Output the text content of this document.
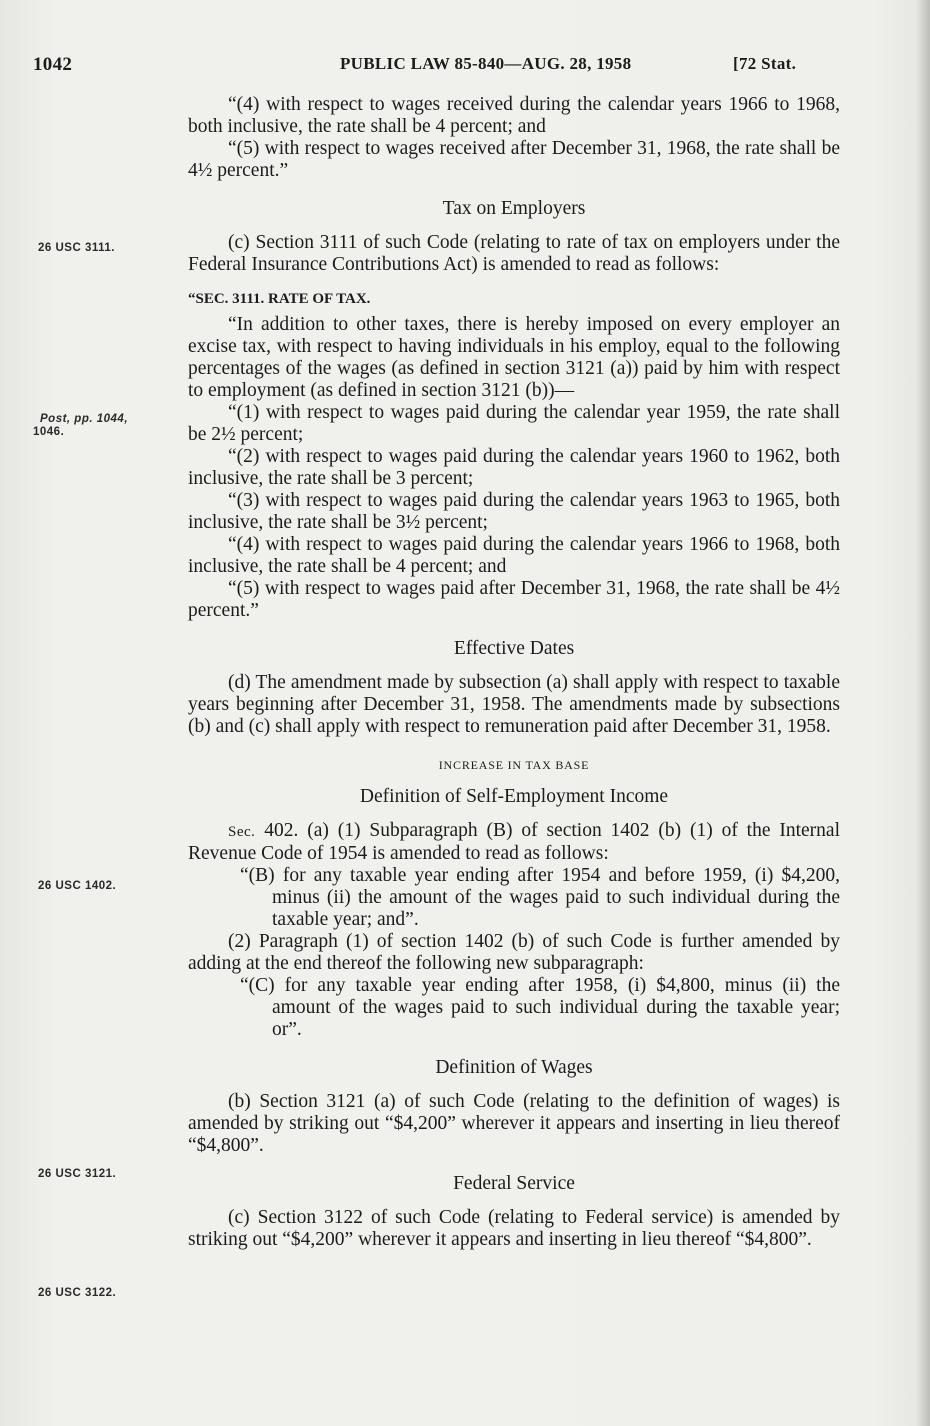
1042	PUBLIC LAW 85-840—AUG. 28, 1958	[72 Stat.
26 USC 3111.
Post, pp. 1044,
1046.
26 USC 1402.
26 USC 3121.
26 USC 3122.

“(4) with respect to wages received during the calendar years 1966 to 1968, both inclusive, the rate shall be 4 percent; and

“(5) with respect to wages received after December 31, 1968, the rate shall be 4½ percent.”

Tax on Employers

(c) Section 3111 of such Code (relating to rate of tax on employers under the Federal Insurance Contributions Act) is amended to read as follows:

“SEC. 3111. RATE OF TAX.

“In addition to other taxes, there is hereby imposed on every employer an excise tax, with respect to having individuals in his employ, equal to the following percentages of the wages (as defined in section 3121 (a)) paid by him with respect to employment (as defined in section 3121 (b))—

“(1) with respect to wages paid during the calendar year 1959, the rate shall be 2½ percent;

“(2) with respect to wages paid during the calendar years 1960 to 1962, both inclusive, the rate shall be 3 percent;

“(3) with respect to wages paid during the calendar years 1963 to 1965, both inclusive, the rate shall be 3½ percent;

“(4) with respect to wages paid during the calendar years 1966 to 1968, both inclusive, the rate shall be 4 percent; and

“(5) with respect to wages paid after December 31, 1968, the rate shall be 4½ percent.”

Effective Dates

(d) The amendment made by subsection (a) shall apply with respect to taxable years beginning after December 31, 1958. The amendments made by subsections (b) and (c) shall apply with respect to remuneration paid after December 31, 1958.

INCREASE IN TAX BASE

Definition of Self-Employment Income

Sec. 402. (a) (1) Subparagraph (B) of section 1402 (b) (1) of the Internal Revenue Code of 1954 is amended to read as follows:

“(B) for any taxable year ending after 1954 and before 1959, (i) $4,200, minus (ii) the amount of the wages paid to such individual during the taxable year; and”.

(2) Paragraph (1) of section 1402 (b) of such Code is further amended by adding at the end thereof the following new subparagraph:

“(C) for any taxable year ending after 1958, (i) $4,800, minus (ii) the amount of the wages paid to such individual during the taxable year; or”.

Definition of Wages

(b) Section 3121 (a) of such Code (relating to the definition of wages) is amended by striking out “$4,200” wherever it appears and inserting in lieu thereof “$4,800”.

Federal Service

(c) Section 3122 of such Code (relating to Federal service) is amended by striking out “$4,200” wherever it appears and inserting in lieu thereof “$4,800”.
